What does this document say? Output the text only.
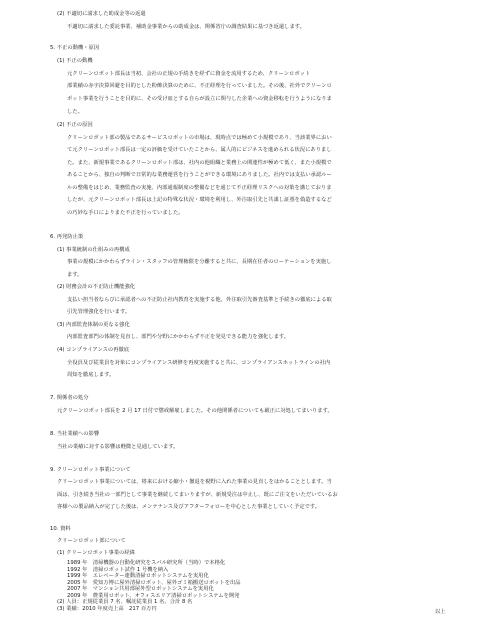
(2) 不適切に請求した助成金等の返還
不適切に請求した委託事業、補助金事業からの助成金は、関係省庁の調査結果に基づき返還します。
5. 不正の動機・原因
(1) 不正の動機
元クリーンロボット部長は当初、会社の正規の手続きを経ずに資金を流用するため、クリーンロボット
部業績の赤字決算回避を目的とした粉飾決算のために、不正経理を行っていました。その後、社外でクリーンロ
ボット事業を行うことを目的に、その受け皿とする自らが設立に関与した企業への資金移転を行うようになりま
した。
(2) 不正の原因
クリーンロボット部の製品であるサービスロボットの市場は、現時点では極めて小規模であり、当該業界におい
て元クリーンロボット部長は一定の評価を受けていたことから、属人的にビジネスを進められる状況にありまし
た。また、新規事業であるクリーンロボット部は、社内の他組織と業務上の関連性が極めて低く、また小規模で
あることから、独自の判断で日常的な業務運営を行うことができる環境にありました。社内では支払い承認ルー
ルの整備をはじめ、業務監査の実施、内部通報制度の整備などを通じて不正経理リスクへの対策を講じておりま
したが、元クリーンロボット部長は上記の特殊な状況・環境を利用し、外注取引先と共謀し証憑を偽造するなど
の巧妙な手口によりまた不正を行っていました。
6. 再発防止策
(1) 事業統制の仕組みの再構成
事業の規模にかかわらずライン・スタッフの管理権限を分離すると共に、長期在任者のローテーションを実施し
ます。
(2) 財務会計の不正防止機能強化
支払い担当者ならびに承認者への不正防止社内教育を実施する他、外注取引先審査基準と手続きの徹底による取
引先管理強化を行います。
(3) 内部監査体制の更なる強化
内部監査部門の体制を見直し、部門や分野にかかわらず不正を発見できる能力を強化します。
(4) コンプライアンスの再徹底
全役員及び従業員を対象にコンプライアンス研修を再度実施すると共に、コンプライアンスホットラインの社内
周知を徹底します。
7. 関係者の処分
元クリーンロボット部長を 2 月 17 日付で懲戒解雇しました。その他関係者についても厳正に対処してまいります。
8. 当社業績への影響
当社の業績に対する影響は軽微と見通しています。
9. クリーンロボット事業について
クリーンロボット事業については、将来における縮小・撤退を視野に入れた事業の見直しをはかることとします。当
面は、引き続き当社の一部門として事業を継続してまいりますが、新規受注は中止し、既にご注文をいただいているお
客様への製品納入が完了した後は、メンテナンス及びアフターフォローを中心とした事業としていく予定です。
10. 資料
クリーンロボット部について
(1) クリーンロボット事業の経緯
1989 年　清掃機器の自動化研究をスバル研究所（当時）で本格化
1992 年　清掃ロボット試作 1 号機を納入
1999 年　エレベーター連動清掃ロボットシステムを実用化
2005 年　愛知万博に屋外清掃ロボット、屋外ゴミ箱搬送ロボットを出品
2007 年　マンション共用部屋外型ロボットシステムを実用化
2009 年　農業用ロボット、オフィスエリア清掃ロボットシステムを開発
(2) 人員：正規従業員 7 名、嘱託従業員 1 名、合計 8 名
(3) 業績：2010 年度売上高　217 百万円
以上
